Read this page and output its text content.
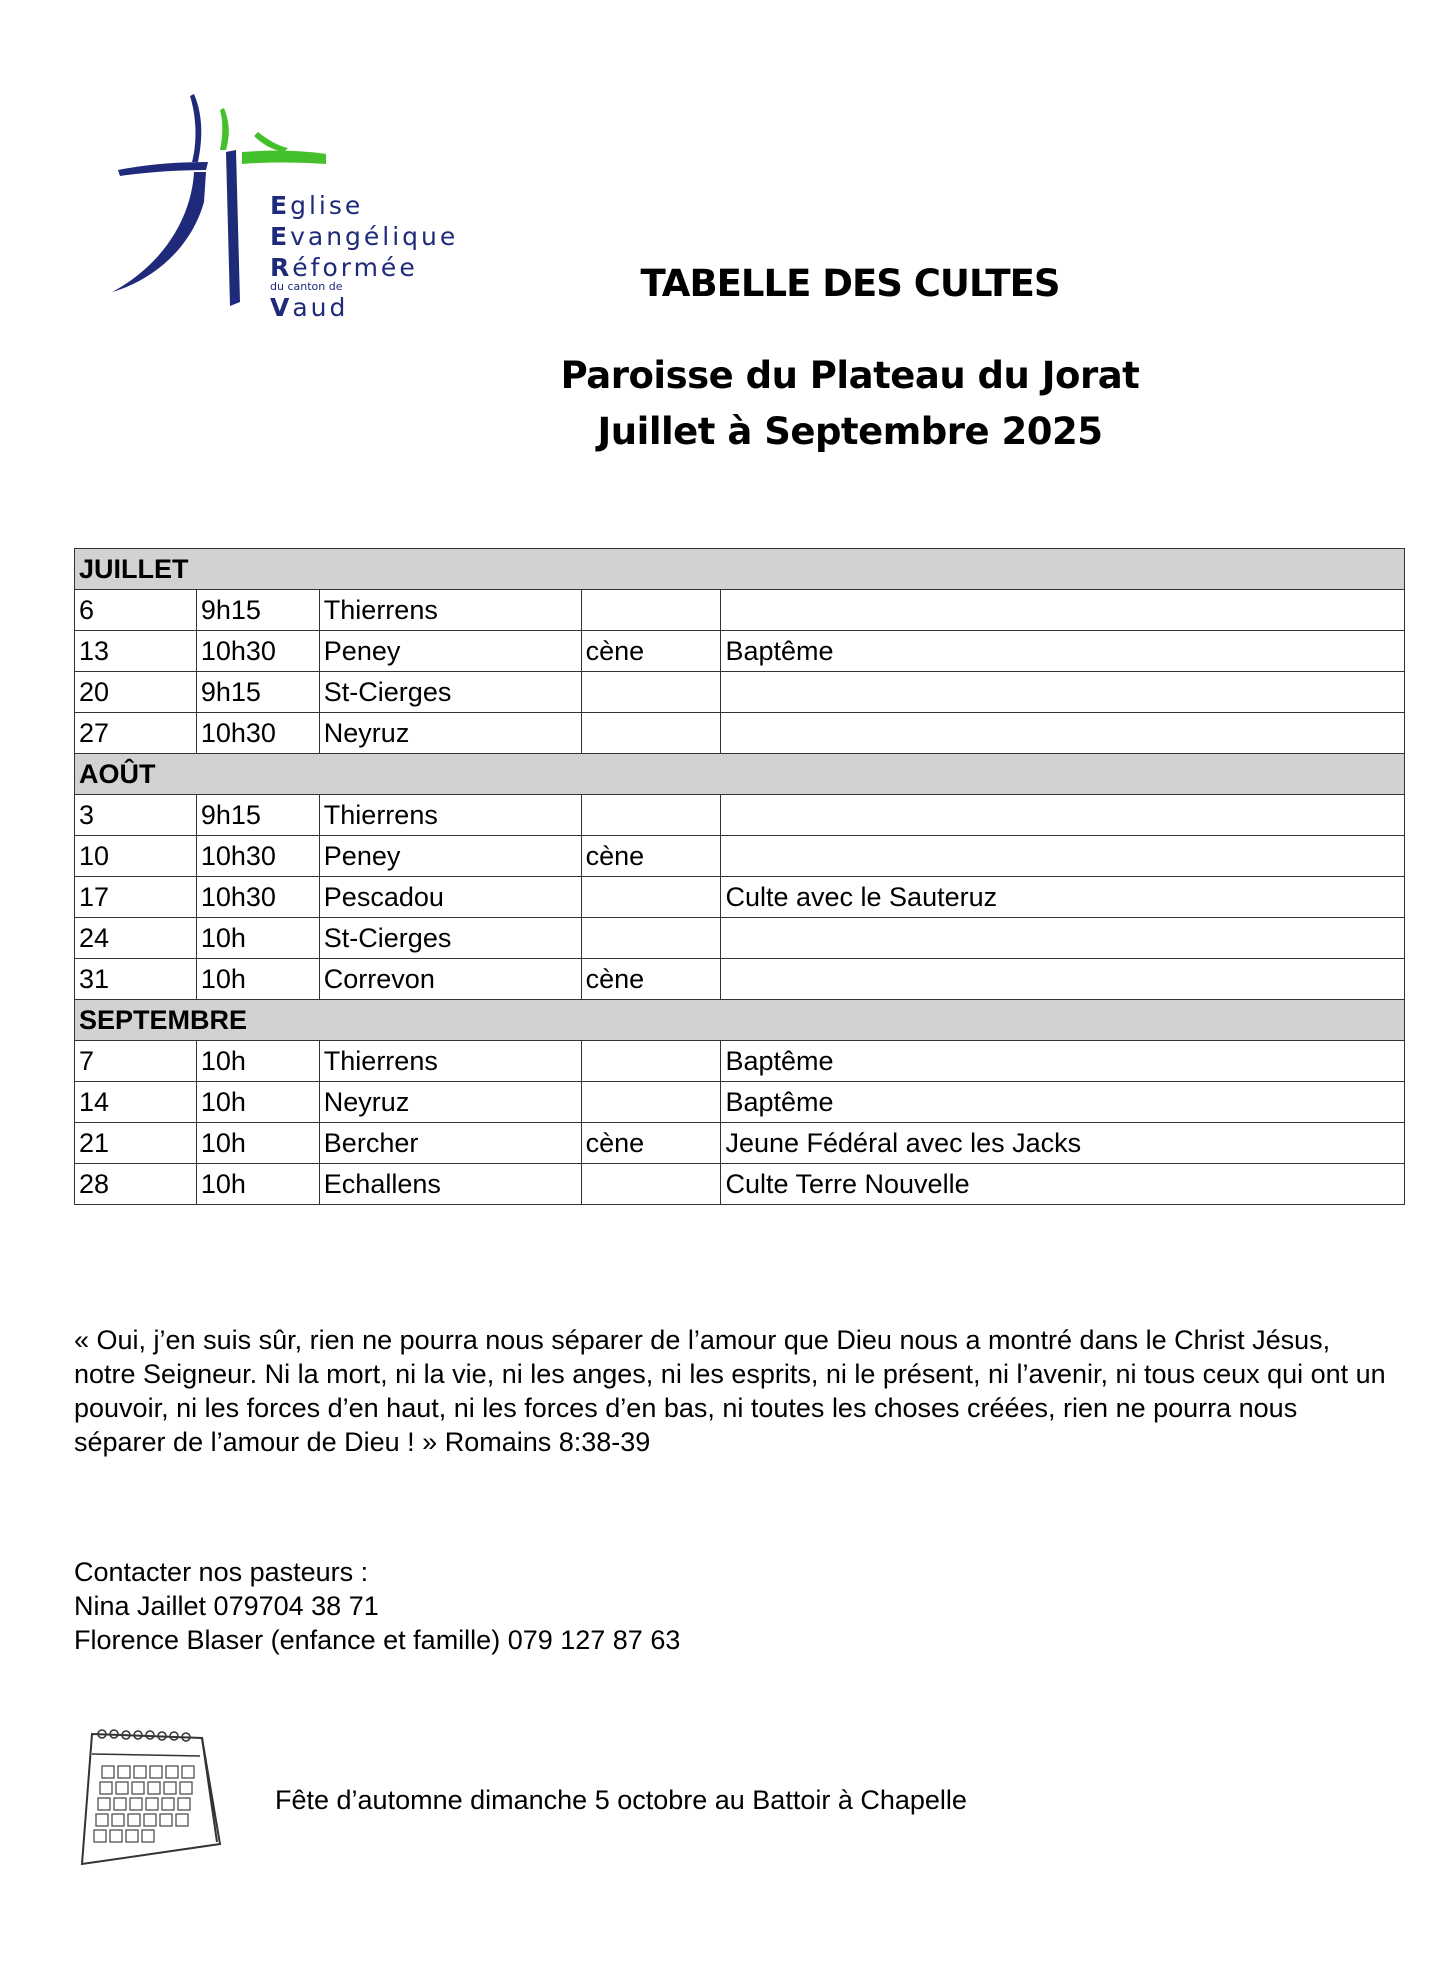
Eglise
Evangélique
Réformée
du canton de
Vaud
TABELLE DES CULTES
Paroisse du Plateau du Jorat
Juillet à Septembre 2025
JUILLET				
6	9h15	Thierrens		
13	10h30	Peney	cène	Baptême
20	9h15	St-Cierges		
27	10h30	Neyruz		
AOÛT				
3	9h15	Thierrens		
10	10h30	Peney	cène	
17	10h30	Pescadou		Culte avec le Sauteruz
24	10h	St-Cierges		
31	10h	Correvon	cène	
SEPTEMBRE				
7	10h	Thierrens		Baptême
14	10h	Neyruz		Baptême
21	10h	Bercher	cène	Jeune Fédéral avec les Jacks
28	10h	Echallens		Culte Terre Nouvelle
« Oui, j’en suis sûr, rien ne pourra nous séparer de l’amour que Dieu nous a montré dans le Christ Jésus, notre Seigneur. Ni la mort, ni la vie, ni les anges, ni les esprits, ni le présent, ni l’avenir, ni tous ceux qui ont un pouvoir, ni les forces d’en haut, ni les forces d’en bas, ni toutes les choses créées, rien ne pourra nous séparer de l’amour de Dieu ! » Romains 8:38-39
Contacter nos pasteurs :
Nina Jaillet 079704 38 71
Florence Blaser (enfance et famille) 079 127 87 63
Fête d’automne dimanche 5 octobre au Battoir à Chapelle
